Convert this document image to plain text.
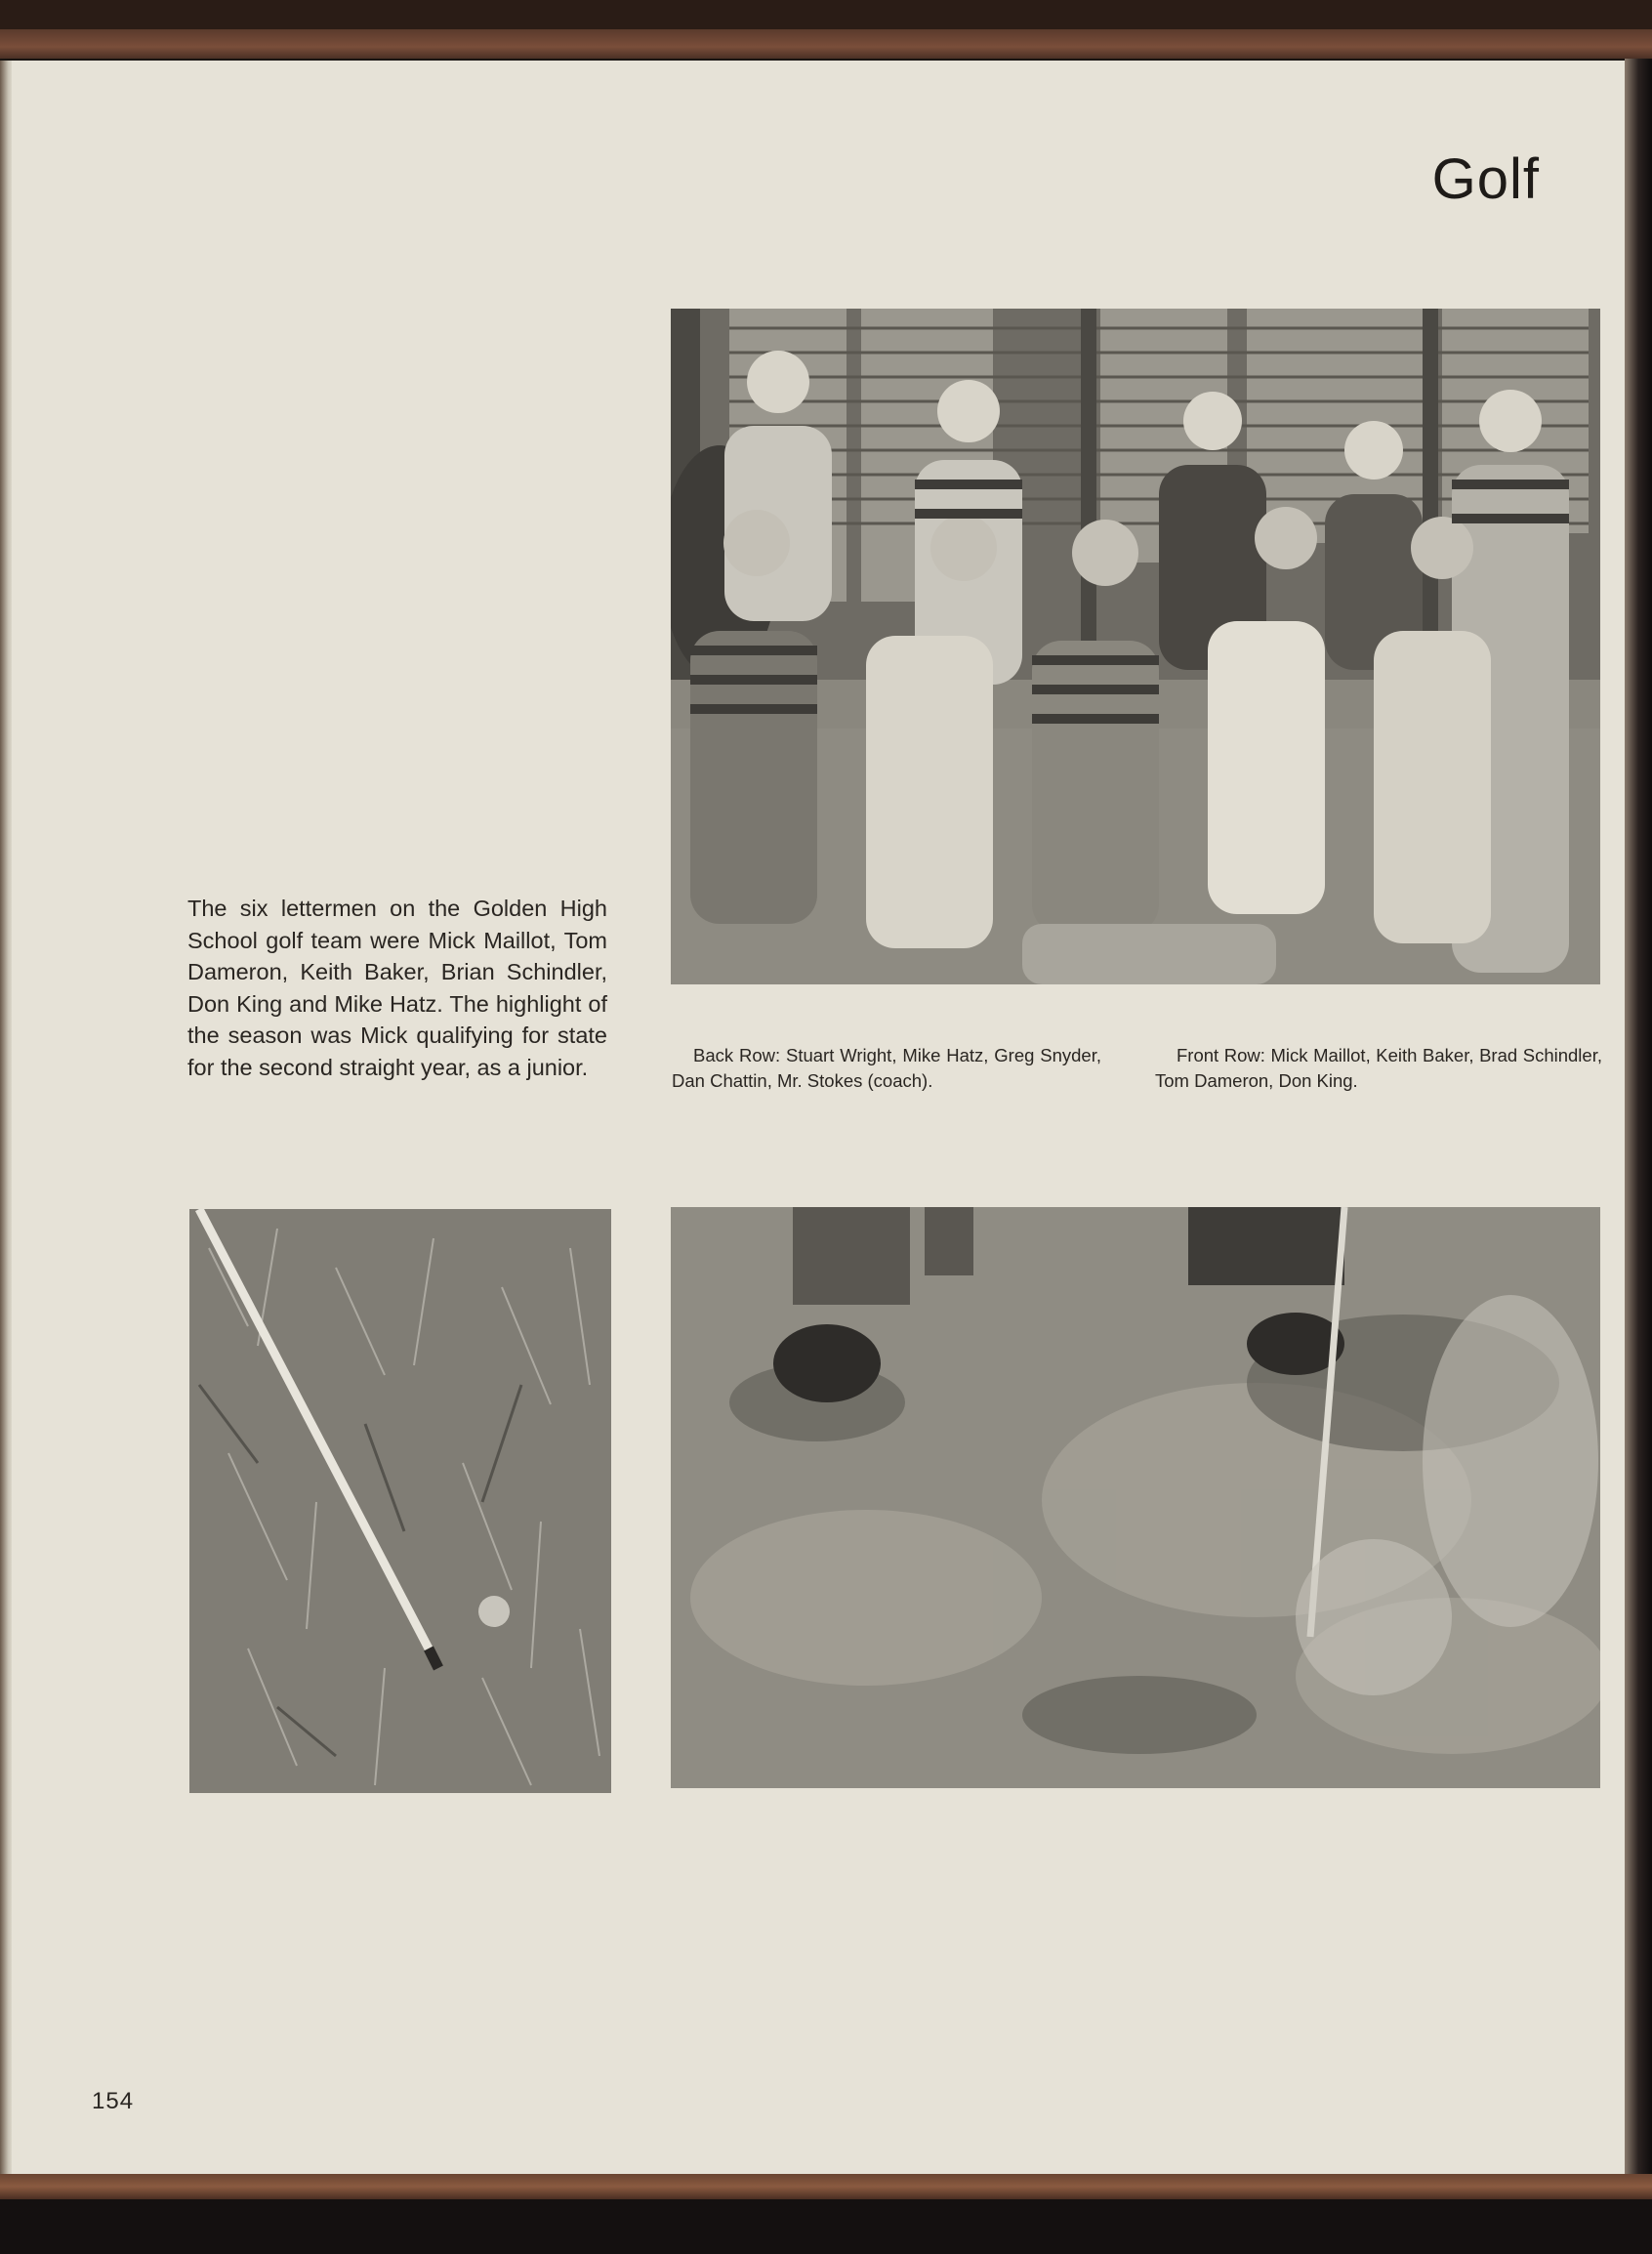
Golf
The six lettermen on the Golden High School golf team were Mick Maillot, Tom Dameron, Keith Baker, Brian Schindler, Don King and Mike Hatz. The highlight of the season was Mick qualifying for state for the second straight year, as a junior.	Back Row: Stuart Wright, Mike Hatz, Greg Snyder, Dan Chattin, Mr. Stokes (coach).
Front Row: Mick Maillot, Keith Baker, Brad Schindler, Tom Dameron, Don King.
154
